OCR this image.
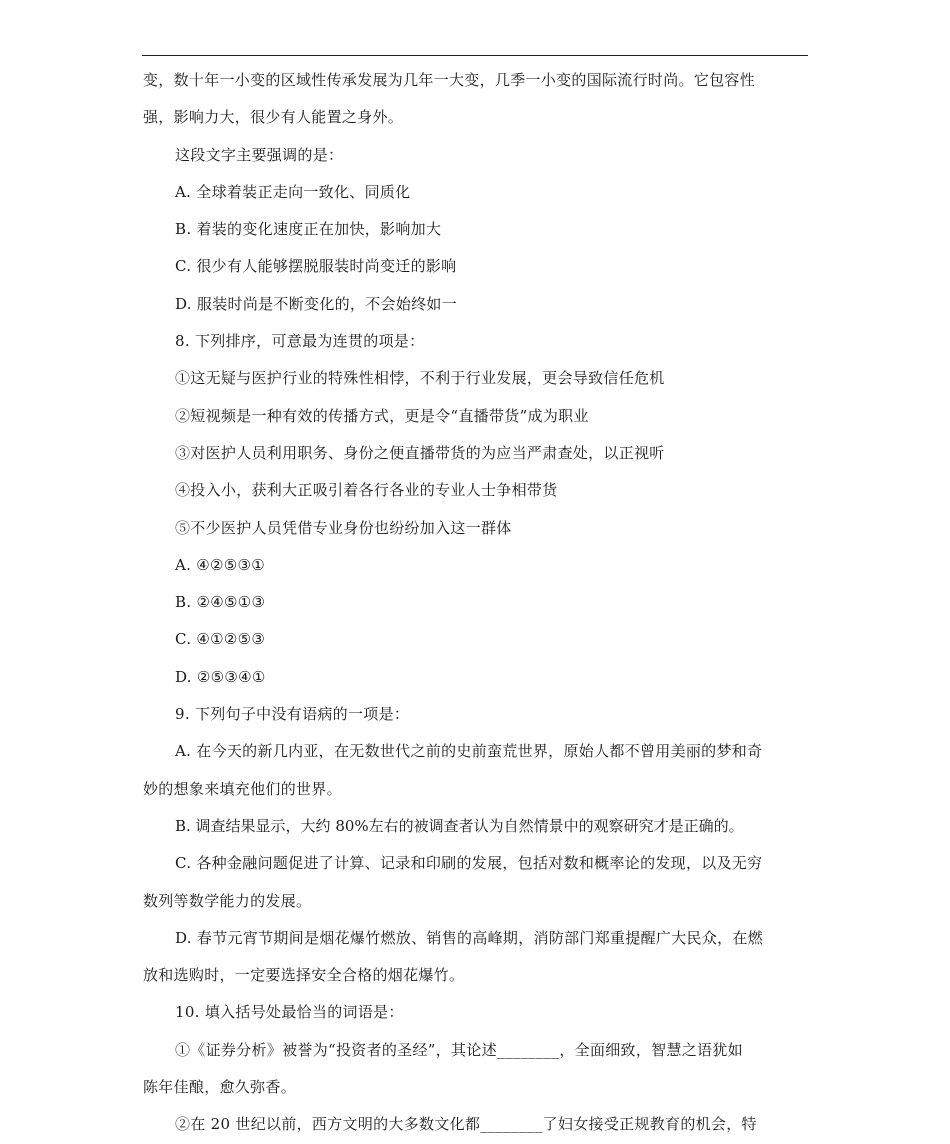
变，数十年一小变的区域性传承发展为几年一大变，几季一小变的国际流行时尚。它包容性
强，影响力大，很少有人能置之身外。
这段文字主要强调的是：
A. 全球着装正走向一致化、同质化
B. 着装的变化速度正在加快，影响加大
C. 很少有人能够摆脱服装时尚变迁的影响
D. 服装时尚是不断变化的，不会始终如一
8. 下列排序，可意最为连贯的项是：
①这无疑与医护行业的特殊性相悖，不利于行业发展，更会导致信任危机
②短视频是一种有效的传播方式，更是令“直播带货”成为职业
③对医护人员利用职务、身份之便直播带货的为应当严肃查处，以正视听
④投入小，获利大正吸引着各行各业的专业人士争相带货
⑤不少医护人员凭借专业身份也纷纷加入这一群体
A. ④②⑤③①
B. ②④⑤①③
C. ④①②⑤③
D. ②⑤③④①
9. 下列句子中没有语病的一项是：
A. 在今天的新几内亚，在无数世代之前的史前蛮荒世界，原始人都不曾用美丽的梦和奇
妙的想象来填充他们的世界。
B. 调查结果显示，大约 80%左右的被调查者认为自然情景中的观察研究才是正确的。
C. 各种金融问题促进了计算、记录和印刷的发展，包括对数和概率论的发现，以及无穷
数列等数学能力的发展。
D. 春节元宵节期间是烟花爆竹燃放、销售的高峰期，消防部门郑重提醒广大民众，在燃
放和选购时，一定要选择安全合格的烟花爆竹。
10. 填入括号处最恰当的词语是：
①《证券分析》被誉为“投资者的圣经”，其论述________，全面细致，智慧之语犹如
陈年佳酿，愈久弥香。
②在 20 世纪以前，西方文明的大多数文化都________了妇女接受正规教育的机会，特
